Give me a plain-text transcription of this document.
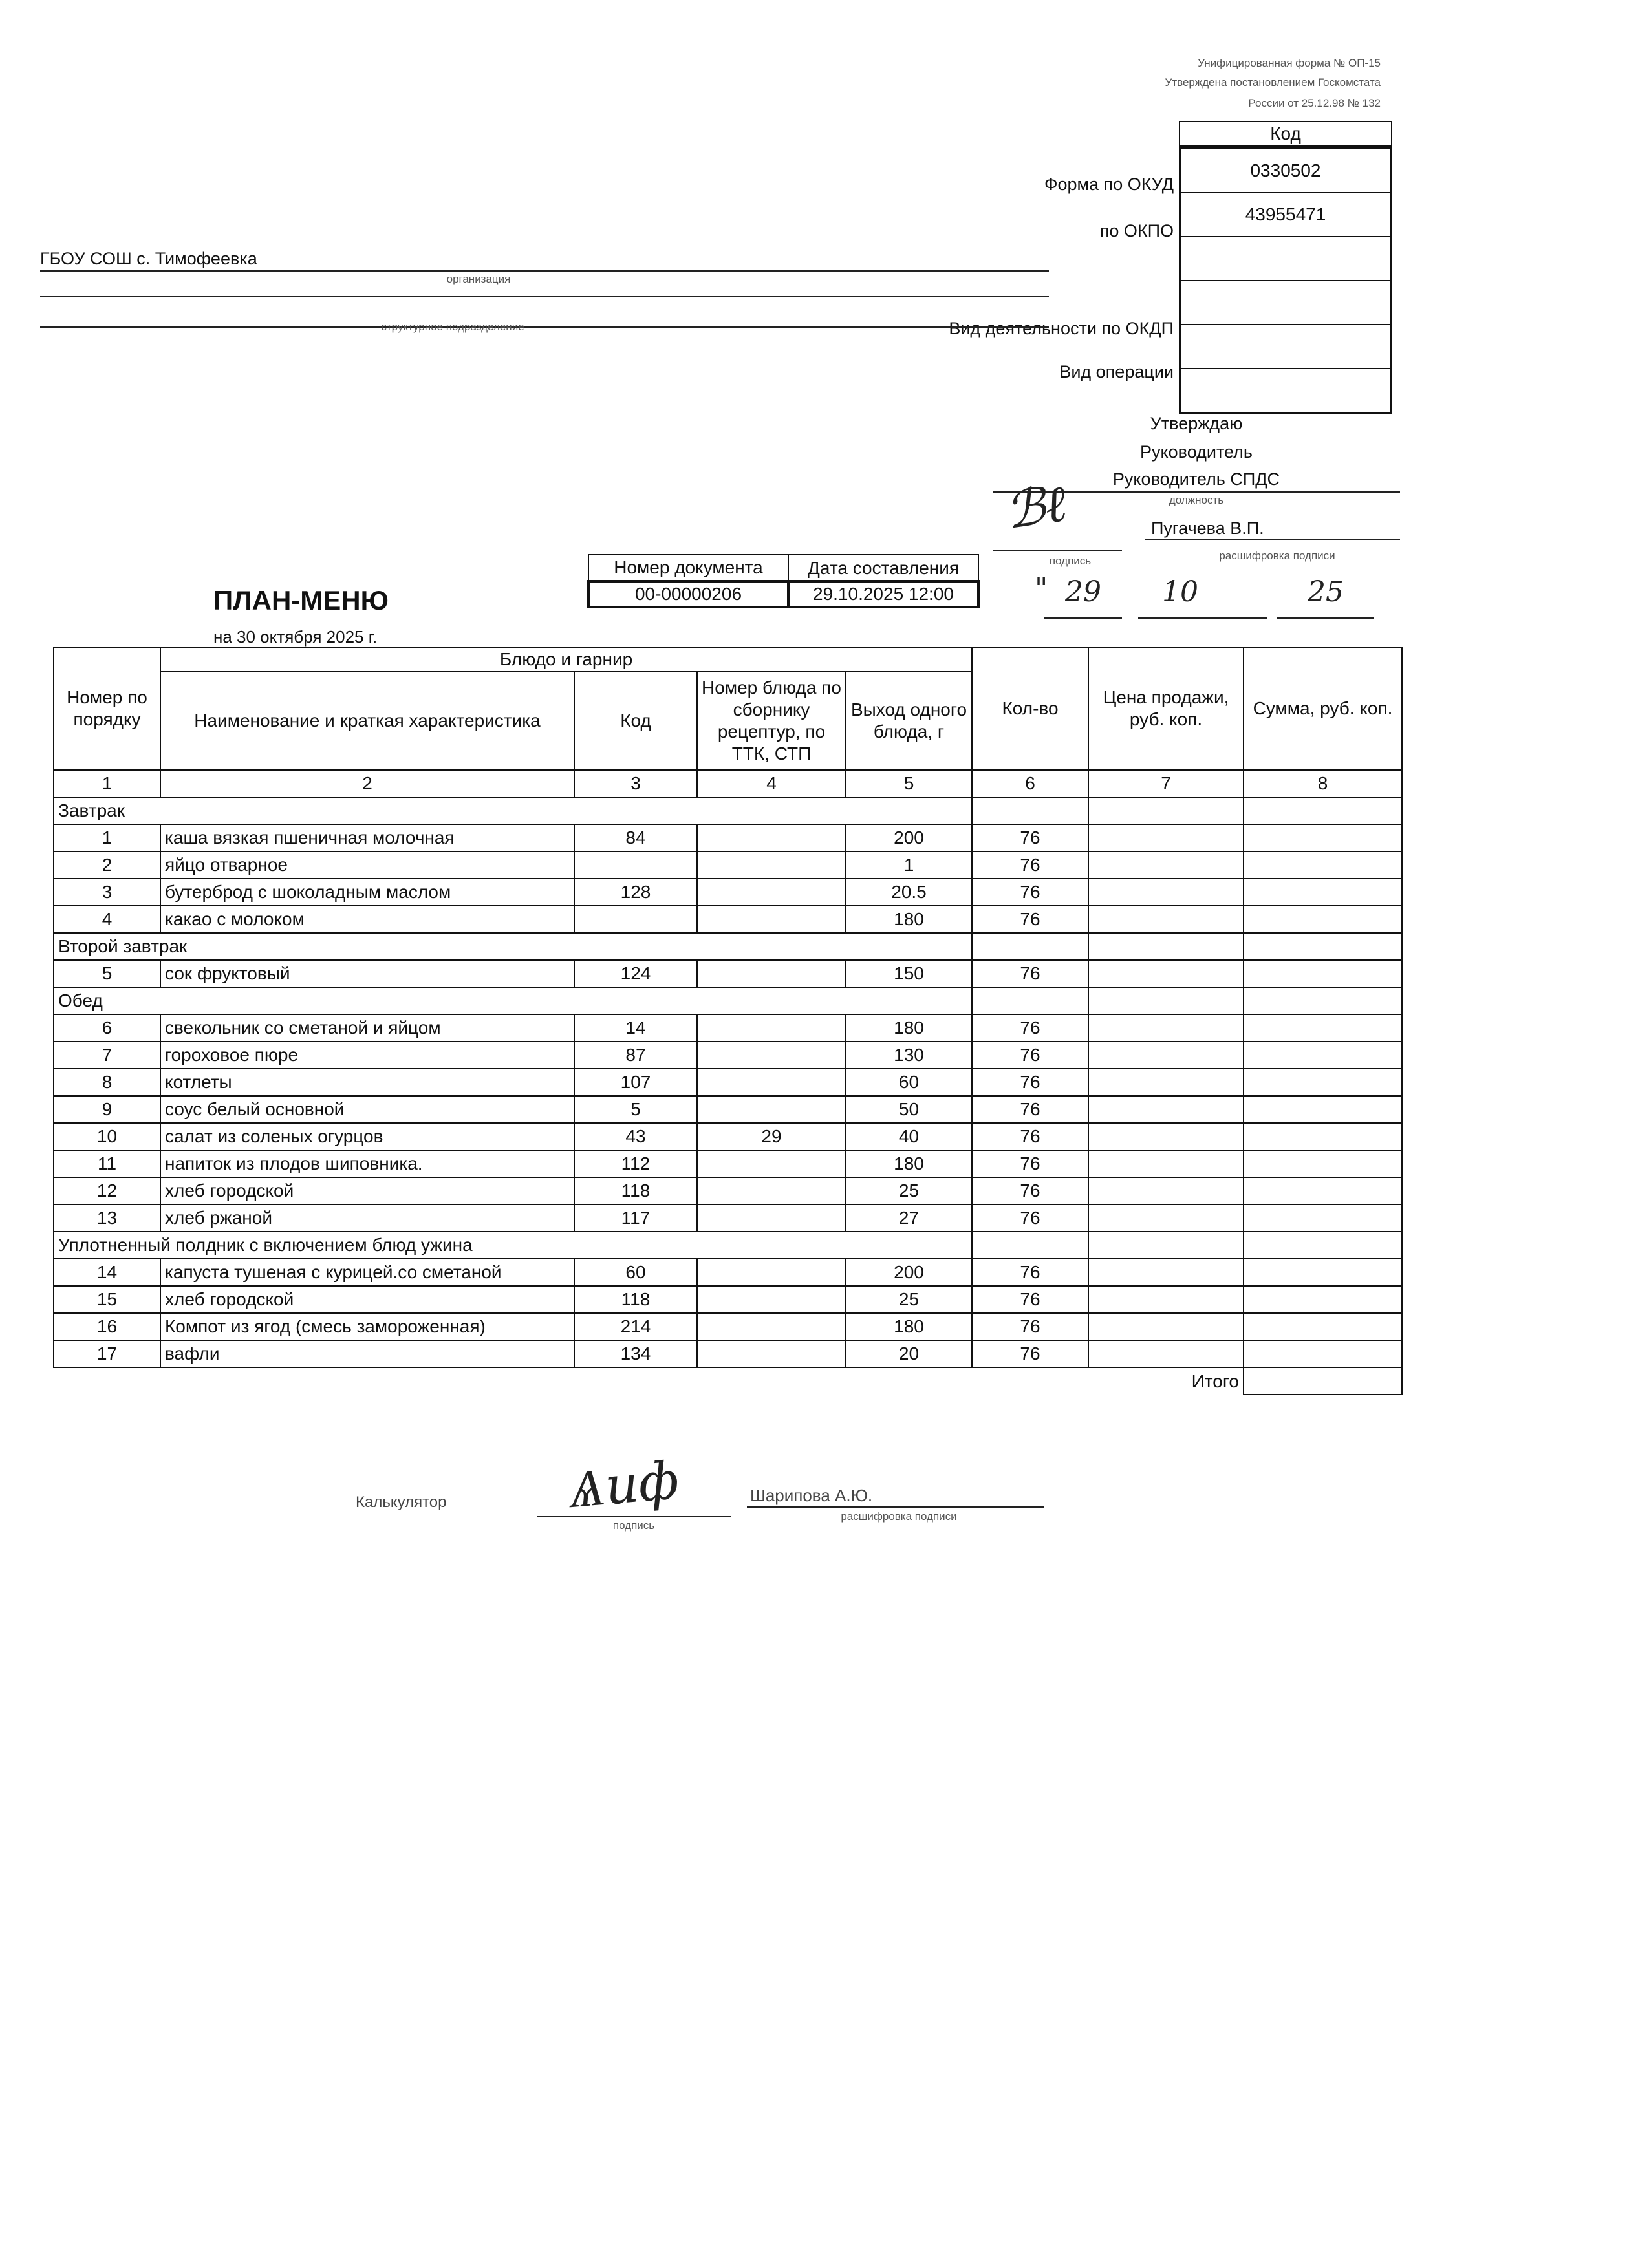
Унифицированная форма № ОП-15
Утверждена постановлением Госкомстата
России от 25.12.98 № 132
Код
0330502
43955471
Форма по ОКУД
по ОКПО
Вид деятельности по ОКДП
Вид операции
ГБОУ СОШ с. Тимофеевка
организация
структурное подразделение
Утверждаю
Руководитель
Руководитель СПДС
должность
ℬℓ	Пугачева В.П.
подпись	расшифровка подписи
" 29	10	25
ПЛАН-МЕНЮ
на 30 октября 2025 г.
Номер документа	Дата составления
00-00000206	29.10.2025 12:00
Номер по порядку	Блюдо и гарнир				Кол-во	Цена продажи, руб. коп.	Сумма, руб. коп.
	Наименование и краткая характеристика	Код	Номер блюда по сборнику рецептур, по ТТК, СТП	Выход одного блюда, г			
1	2	3	4	5	6	7	8
Завтрак							
1	каша вязкая пшеничная молочная	84		200	76		
2	яйцо отварное			1	76		
3	бутерброд с шоколадным маслом	128		20.5	76		
4	какао с молоком			180	76		
Второй завтрак							
5	сок фруктовый	124		150	76		
Обед							
6	свекольник со сметаной и яйцом	14		180	76		
7	гороховое пюре	87		130	76		
8	котлеты	107		60	76		
9	соус белый основной	5		50	76		
10	салат из соленых огурцов	43	29	40	76		
11	напиток из плодов шиповника.	112		180	76		
12	хлеб городской	118		25	76		
13	хлеб ржаной	117		27	76		
Уплотненный полдник с включением блюд ужина							
14	капуста тушеная с курицей.со сметаной	60		200	76		
15	хлеб городской	118		25	76		
16	Компот из ягод (смесь замороженная)	214		180	76		
17	вафли	134		20	76		
Итого							
Калькулятор Ѧиф
подпись
Шарипова А.Ю.
расшифровка подписи
